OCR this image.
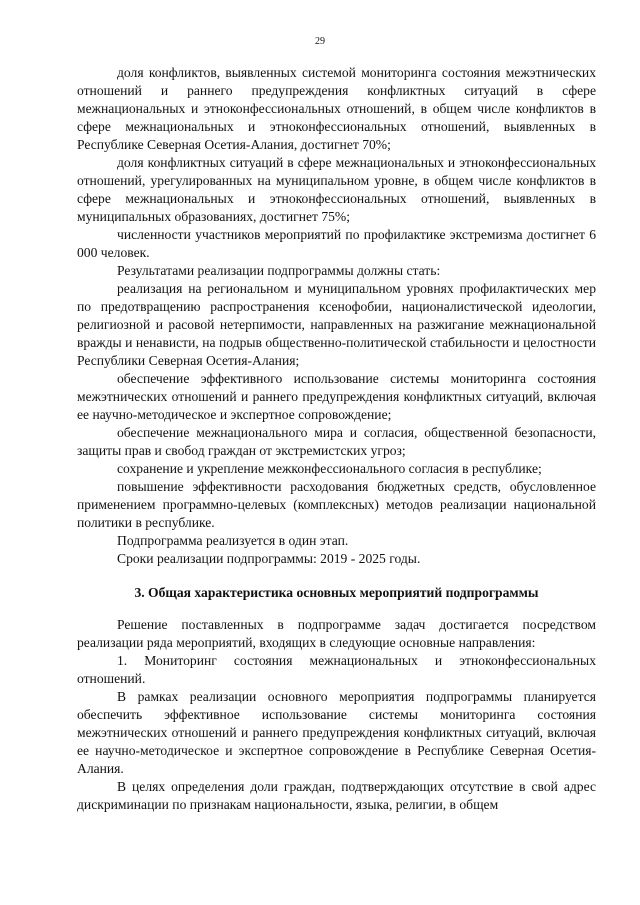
29

доля конфликтов, выявленных системой мониторинга состояния межэтнических отношений и раннего предупреждения конфликтных ситуаций в сфере межнациональных и этноконфессиональных отношений, в общем числе конфликтов в сфере межнациональных и этноконфессиональных отношений, выявленных в Республике Северная Осетия-Алания, достигнет 70%;

доля конфликтных ситуаций в сфере межнациональных и этноконфессиональных отношений, урегулированных на муниципальном уровне, в общем числе конфликтов в сфере межнациональных и этноконфессиональных отношений, выявленных в муниципальных образованиях, достигнет 75%;

численности участников мероприятий по профилактике экстремизма достигнет 6 000 человек.

Результатами реализации подпрограммы должны стать:

реализация на региональном и муниципальном уровнях профилактических мер по предотвращению распространения ксенофобии, националистической идеологии, религиозной и расовой нетерпимости, направленных на разжигание межнациональной вражды и ненависти, на подрыв общественно-политической стабильности и целостности Республики Северная Осетия-Алания;

обеспечение эффективного использование системы мониторинга состояния межэтнических отношений и раннего предупреждения конфликтных ситуаций, включая ее научно-методическое и экспертное сопровождение;

обеспечение межнационального мира и согласия, общественной безопасности, защиты прав и свобод граждан от экстремистских угроз;

сохранение и укрепление межконфессионального согласия в республике;

повышение эффективности расходования бюджетных средств, обусловленное применением программно-целевых (комплексных) методов реализации национальной политики в республике.

Подпрограмма реализуется в один этап.

Сроки реализации подпрограммы: 2019 - 2025 годы.

3. Общая характеристика основных мероприятий подпрограммы

Решение поставленных в подпрограмме задач достигается посредством реализации ряда мероприятий, входящих в следующие основные направления:

1. Мониторинг состояния межнациональных и этноконфессиональных отношений.

В рамках реализации основного мероприятия подпрограммы планируется обеспечить эффективное использование системы мониторинга состояния межэтнических отношений и раннего предупреждения конфликтных ситуаций, включая ее научно-методическое и экспертное сопровождение в Республике Северная Осетия-Алания.

В целях определения доли граждан, подтверждающих отсутствие в свой адрес дискриминации по признакам национальности, языка, религии, в общем
